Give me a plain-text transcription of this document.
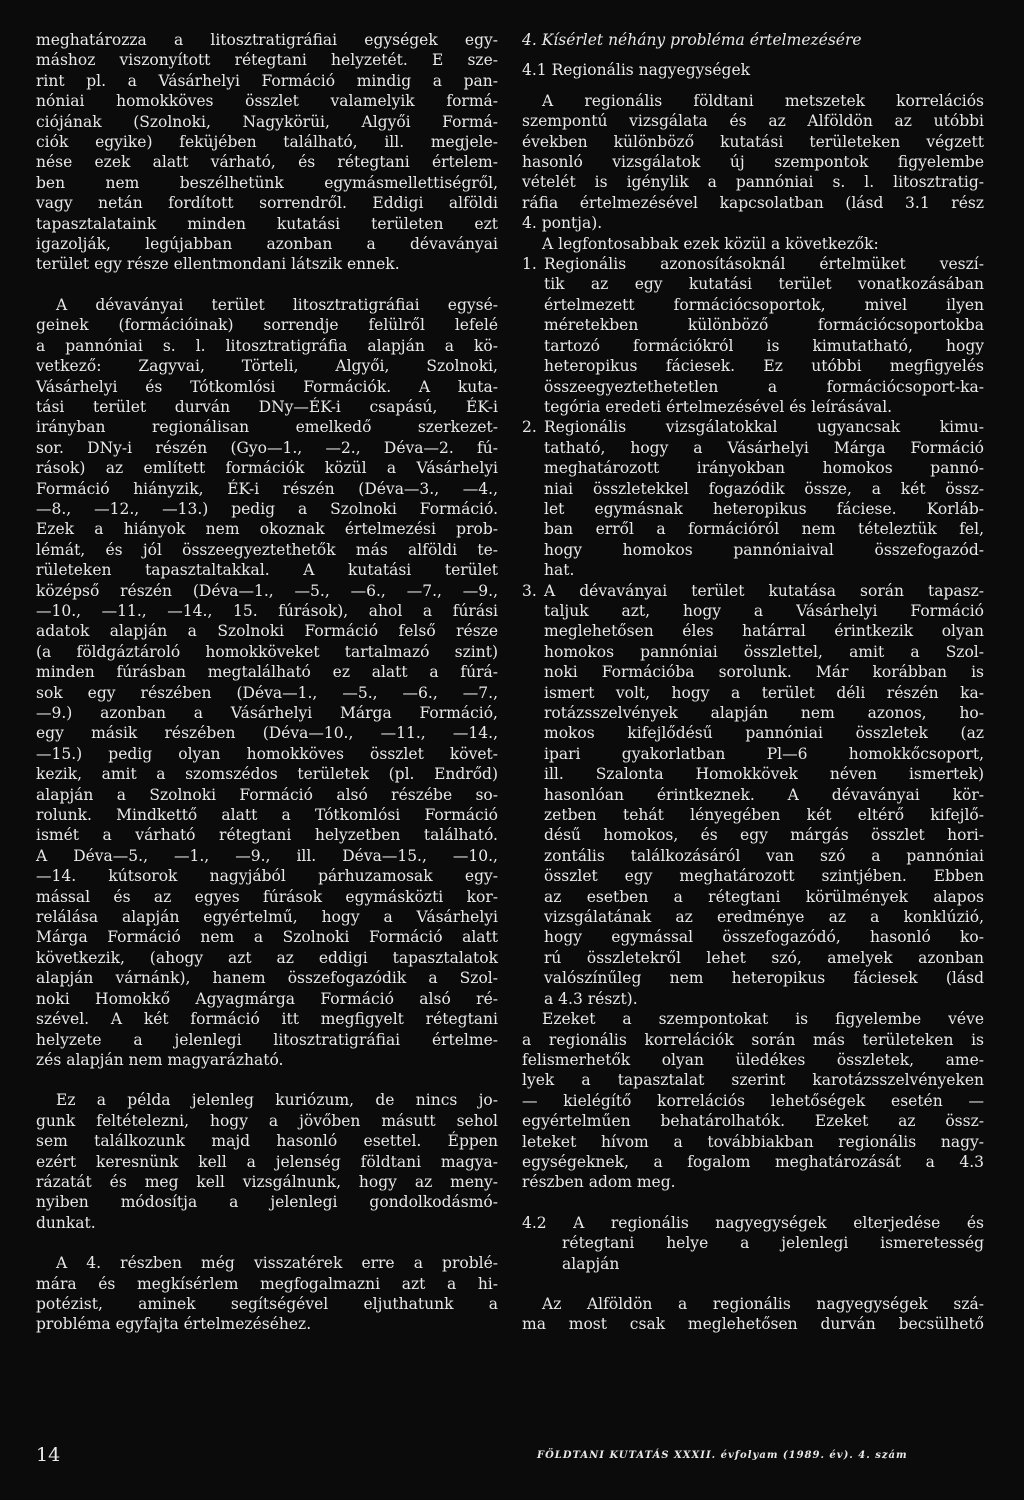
meghatározza a litosztratigráfiai egységek egy-
máshoz viszonyított rétegtani helyzetét. E sze-
rint pl. a Vásárhelyi Formáció mindig a pan-
nóniai homokköves összlet valamelyik formá-
ciójának (Szolnoki, Nagykörüi, Algyői Formá-
ciók egyike) feküjében található, ill. megjele-
nése ezek alatt várható, és rétegtani értelem-
ben nem beszélhetünk egymásmellettiségről,
vagy netán fordított sorrendről. Eddigi alföldi
tapasztalataink minden kutatási területen ezt
igazolják, legújabban azonban a dévaványai
terület egy része ellentmondani látszik ennek.
A dévaványai terület litosztratigráfiai egysé-
geinek (formációinak) sorrendje felülről lefelé
a pannóniai s. l. litosztratigráfia alapján a kö-
vetkező: Zagyvai, Törteli, Algyői, Szolnoki,
Vásárhelyi és Tótkomlósi Formációk. A kuta-
tási terület durván DNy—ÉK-i csapású, ÉK-i
irányban regionálisan emelkedő szerkezet-
sor. DNy-i részén (Gyo—1., —2., Déva—2. fú-
rások) az említett formációk közül a Vásárhelyi
Formáció hiányzik, ÉK-i részén (Déva—3., —4.,
—8., —12., —13.) pedig a Szolnoki Formáció.
Ezek a hiányok nem okoznak értelmezési prob-
lémát, és jól összeegyeztethetők más alföldi te-
rületeken tapasztaltakkal. A kutatási terület
középső részén (Déva—1., —5., —6., —7., —9.,
—10., —11., —14., 15. fúrások), ahol a fúrási
adatok alapján a Szolnoki Formáció felső része
(a földgáztároló homokköveket tartalmazó szint)
minden fúrásban megtalálható ez alatt a fúrá-
sok egy részében (Déva—1., —5., —6., —7.,
—9.) azonban a Vásárhelyi Márga Formáció,
egy másik részében (Déva—10., —11., —14.,
—15.) pedig olyan homokköves összlet követ-
kezik, amit a szomszédos területek (pl. Endrőd)
alapján a Szolnoki Formáció alsó részébe so-
rolunk. Mindkettő alatt a Tótkomlósi Formáció
ismét a várható rétegtani helyzetben található.
A Déva—5., —1., —9., ill. Déva—15., —10.,
—14. kútsorok nagyjából párhuzamosak egy-
mással és az egyes fúrások egymásközti kor-
relálása alapján egyértelmű, hogy a Vásárhelyi
Márga Formáció nem a Szolnoki Formáció alatt
következik, (ahogy azt az eddigi tapasztalatok
alapján várnánk), hanem összefogazódik a Szol-
noki Homokkő Agyagmárga Formáció alsó ré-
szével. A két formáció itt megfigyelt rétegtani
helyzete a jelenlegi litosztratigráfiai értelme-
zés alapján nem magyarázható.
Ez a példa jelenleg kuriózum, de nincs jo-
gunk feltételezni, hogy a jövőben másutt sehol
sem találkozunk majd hasonló esettel. Éppen
ezért keresnünk kell a jelenség földtani magya-
rázatát és meg kell vizsgálnunk, hogy az meny-
nyiben módosítja a jelenlegi gondolkodásmó-
dunkat.
A 4. részben még visszatérek erre a problé-
mára és megkísérlem megfogalmazni azt a hi-
potézist, aminek segítségével eljuthatunk a
probléma egyfajta értelmezéséhez.
4. Kísérlet néhány probléma értelmezésére
4.1 Regionális nagyegységek
A regionális földtani metszetek korrelációs
szempontú vizsgálata és az Alföldön az utóbbi
években különböző kutatási területeken végzett
hasonló vizsgálatok új szempontok figyelembe
vételét is igénylik a pannóniai s. l. litosztratig-
ráfia értelmezésével kapcsolatban (lásd 3.1 rész
4. pontja).
A legfontosabbak ezek közül a következők:
1. Regionális azonosításoknál értelmüket veszí-
tik az egy kutatási terület vonatkozásában
értelmezett formációcsoportok, mivel ilyen
méretekben különböző formációcsoportokba
tartozó formációkról is kimutatható, hogy
heteropikus fáciesek. Ez utóbbi megfigyelés
összeegyeztethetetlen a formációcsoport-ka-
tegória eredeti értelmezésével és leírásával.
2. Regionális vizsgálatokkal ugyancsak kimu-
tatható, hogy a Vásárhelyi Márga Formáció
meghatározott irányokban homokos pannó-
niai összletekkel fogazódik össze, a két össz-
let egymásnak heteropikus fáciese. Korláb-
ban erről a formációról nem tételeztük fel,
hogy homokos pannóniaival összefogazód-
hat.
3. A dévaványai terület kutatása során tapasz-
taljuk azt, hogy a Vásárhelyi Formáció
meglehetősen éles határral érintkezik olyan
homokos pannóniai összlettel, amit a Szol-
noki Formációba sorolunk. Már korábban is
ismert volt, hogy a terület déli részén ka-
rotázsszelvények alapján nem azonos, ho-
mokos kifejlődésű pannóniai összletek (az
ipari gyakorlatban Pl—6 homokkőcsoport,
ill. Szalonta Homokkövek néven ismertek)
hasonlóan érintkeznek. A dévaványai kör-
zetben tehát lényegében két eltérő kifejlő-
désű homokos, és egy márgás összlet hori-
zontális találkozásáról van szó a pannóniai
összlet egy meghatározott szintjében. Ebben
az esetben a rétegtani körülmények alapos
vizsgálatának az eredménye az a konklúzió,
hogy egymással összefogazódó, hasonló ko-
rú összletekről lehet szó, amelyek azonban
valószínűleg nem heteropikus fáciesek (lásd
a 4.3 részt).
Ezeket a szempontokat is figyelembe véve
a regionális korrelációk során más területeken is
felismerhetők olyan üledékes összletek, ame-
lyek a tapasztalat szerint karotázsszelvényeken
— kielégítő korrelációs lehetőségek esetén —
egyértelműen behatárolhatók. Ezeket az össz-
leteket hívom a továbbiakban regionális nagy-
egységeknek, a fogalom meghatározását a 4.3
részben adom meg.
4.2 A regionális nagyegységek elterjedése és
rétegtani helye a jelenlegi ismeretesség
alapján
Az Alföldön a regionális nagyegységek szá-
ma most csak meglehetősen durván becsülhető
14	FÖLDTANI KUTATÁS XXXII. évfolyam (1989. év). 4. szám
